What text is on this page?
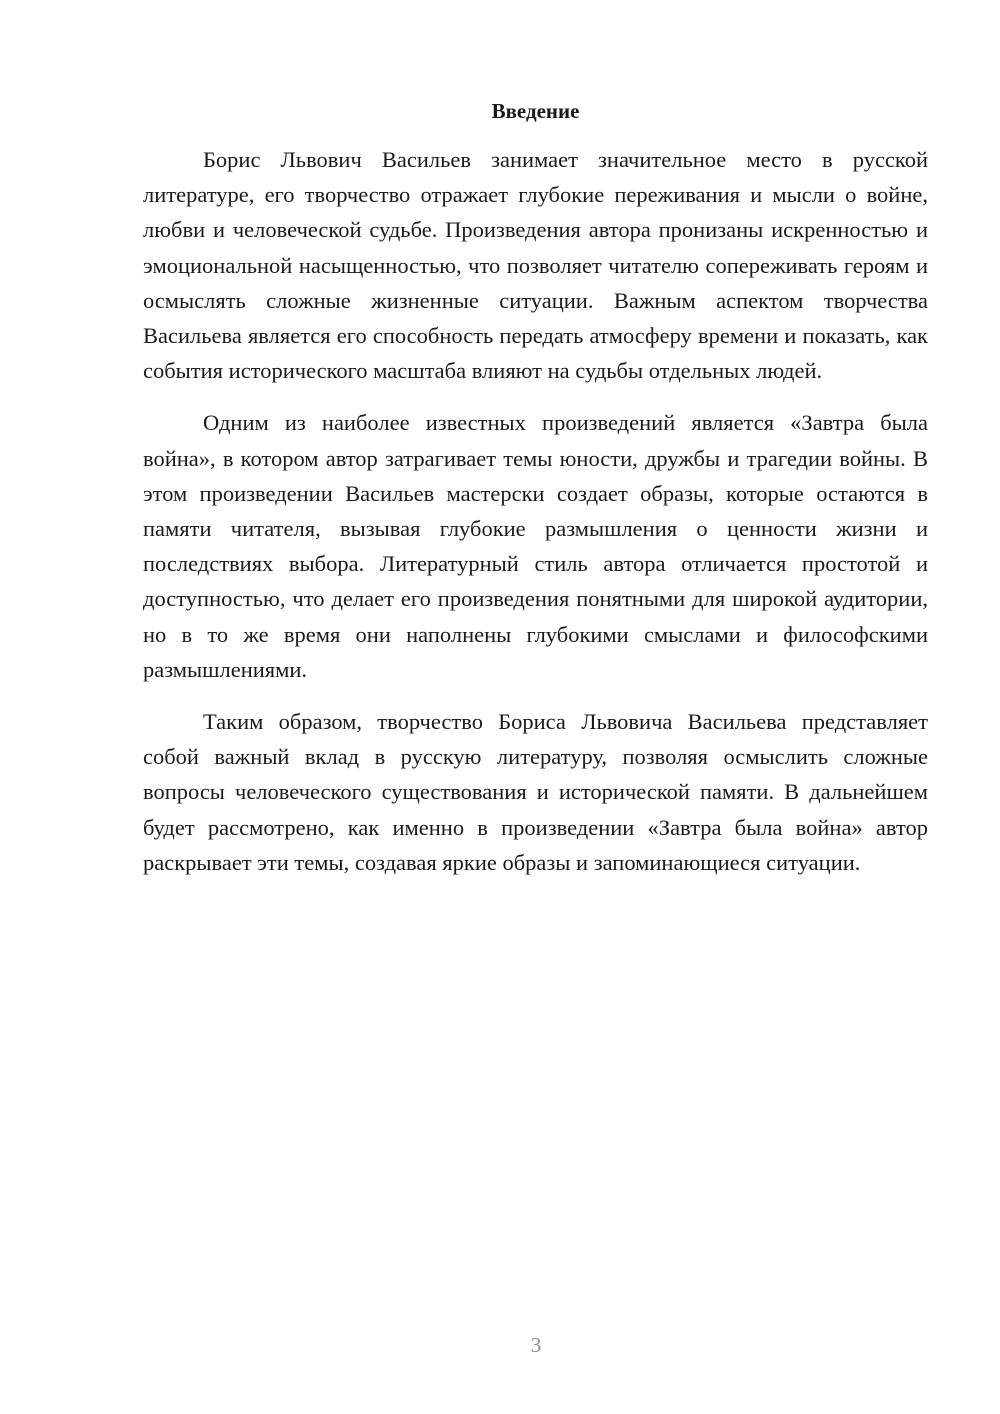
Введение

Борис Львович Васильев занимает значительное место в русской литературе, его творчество отражает глубокие переживания и мысли о войне, любви и человеческой судьбе. Произведения автора пронизаны искренностью и эмоциональной насыщенностью, что позволяет читателю сопереживать героям и осмыслять сложные жизненные ситуации. Важным аспектом творчества Васильева является его способность передать атмосферу времени и показать, как события исторического масштаба влияют на судьбы отдельных людей.

Одним из наиболее известных произведений является «Завтра была война», в котором автор затрагивает темы юности, дружбы и трагедии войны. В этом произведении Васильев мастерски создает образы, которые остаются в памяти читателя, вызывая глубокие размышления о ценности жизни и последствиях выбора. Литературный стиль автора отличается простотой и доступностью, что делает его произведения понятными для широкой аудитории, но в то же время они наполнены глубокими смыслами и философскими размышлениями.

Таким образом, творчество Бориса Львовича Васильева представляет собой важный вклад в русскую литературу, позволяя осмыслить сложные вопросы человеческого существования и исторической памяти. В дальнейшем будет рассмотрено, как именно в произведении «Завтра была война» автор раскрывает эти темы, создавая яркие образы и запоминающиеся ситуации.

3
